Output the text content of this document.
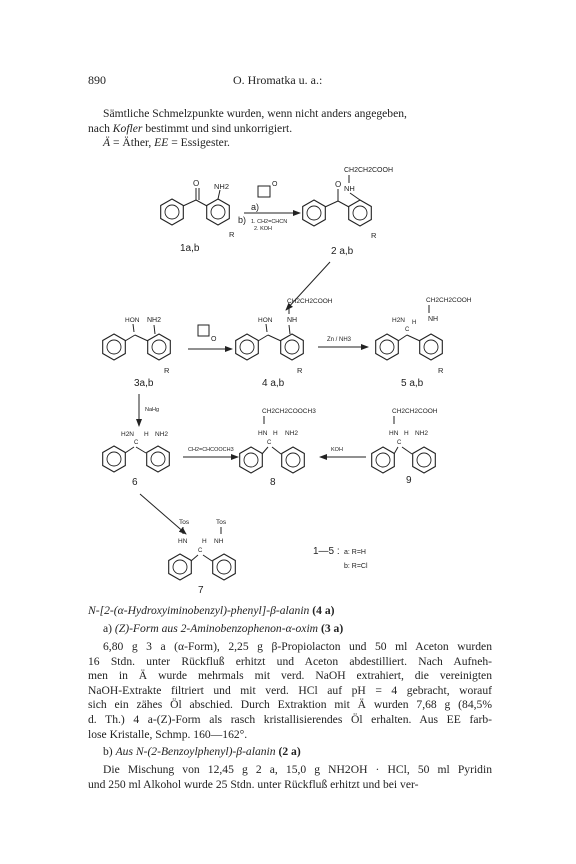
890	O. Hromatka u. a.:

Sämtliche Schmelzpunkte wurden, wenn nicht anders angegeben,

nach Kofler bestimmt und sind unkorrigiert.

Ä = Äther, EE = Essigester.

O NH2
R
1a,b
O
a)
b) 1. CH2=CHCN
2. KOH
CH2CH2COOH
NH
O
R
2 a,b
HON NH2
R
3a,b
O
CH2CH2COOH
NH
HON
R
4 a,b
Zn / NH3
CH2CH2COOH
NH
H2N
C
H
R
5 a,b
NaHg
H2N H NH2
C
6
CH2=CHCOOCH3
CH2CH2COOCH3
HN H NH2
C
8
KOH
CH2CH2COOH
HN H NH2
C
9
Tos	Tos
HN H NH
C
7
1—5 : a: R=H
b: R=Cl
N-[2-(α-Hydroxyiminobenzyl)-phenyl]-β-alanin (4 a)
a) (Z)-Form aus 2-Aminobenzophenon-α-oxim (3 a)
6,80 g 3 a (α-Form), 2,25 g β-Propiolacton und 50 ml Aceton wurden
16 Stdn. unter Rückfluß erhitzt und Aceton abdestilliert. Nach Aufneh-
men in Ä wurde mehrmals mit verd. NaOH extrahiert, die vereinigten
NaOH-Extrakte filtriert und mit verd. HCl auf pH = 4 gebracht, worauf
sich ein zähes Öl abschied. Durch Extraktion mit Ä wurden 7,68 g (84,5%
d. Th.) 4 a-(Z)-Form als rasch kristallisierendes Öl erhalten. Aus EE farb-
lose Kristalle, Schmp. 160—162°.
b) Aus N-(2-Benzoylphenyl)-β-alanin (2 a)
Die Mischung von 12,45 g 2 a, 15,0 g NH2OH · HCl, 50 ml Pyridin
und 250 ml Alkohol wurde 25 Stdn. unter Rückfluß erhitzt und bei ver-
